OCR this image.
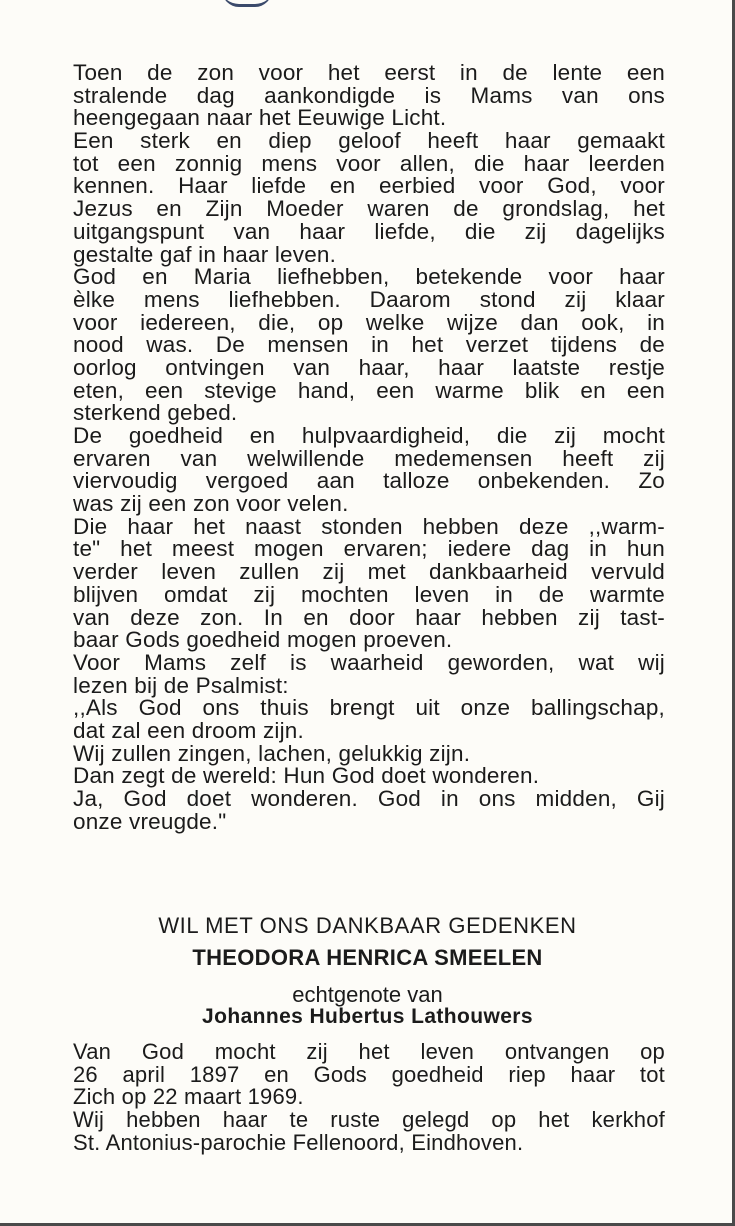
Toen de zon voor het eerst in de lente een
stralende dag aankondigde is Mams van ons
heengegaan naar het Eeuwige Licht.
Een sterk en diep geloof heeft haar gemaakt
tot een zonnig mens voor allen, die haar leerden
kennen. Haar liefde en eerbied voor God, voor
Jezus en Zijn Moeder waren de grondslag, het
uitgangspunt van haar liefde, die zij dagelijks
gestalte gaf in haar leven.
God en Maria liefhebben, betekende voor haar
èlke mens liefhebben. Daarom stond zij klaar
voor iedereen, die, op welke wijze dan ook, in
nood was. De mensen in het verzet tijdens de
oorlog ontvingen van haar, haar laatste restje
eten, een stevige hand, een warme blik en een
sterkend gebed.
De goedheid en hulpvaardigheid, die zij mocht
ervaren van welwillende medemensen heeft zij
viervoudig vergoed aan talloze onbekenden. Zo
was zij een zon voor velen.
Die haar het naast stonden hebben deze ,,warm-
te" het meest mogen ervaren; iedere dag in hun
verder leven zullen zij met dankbaarheid vervuld
blijven omdat zij mochten leven in de warmte
van deze zon. In en door haar hebben zij tast-
baar Gods goedheid mogen proeven.
Voor Mams zelf is waarheid geworden, wat wij
lezen bij de Psalmist:
,,Als God ons thuis brengt uit onze ballingschap,
dat zal een droom zijn.
Wij zullen zingen, lachen, gelukkig zijn.
Dan zegt de wereld: Hun God doet wonderen.
Ja, God doet wonderen. God in ons midden, Gij
onze vreugde."
WIL MET ONS DANKBAAR GEDENKEN
THEODORA HENRICA SMEELEN
echtgenote van
Johannes Hubertus Lathouwers
Van God mocht zij het leven ontvangen op
26 april 1897 en Gods goedheid riep haar tot
Zich op 22 maart 1969.
Wij hebben haar te ruste gelegd op het kerkhof
St. Antonius-parochie Fellenoord, Eindhoven.
